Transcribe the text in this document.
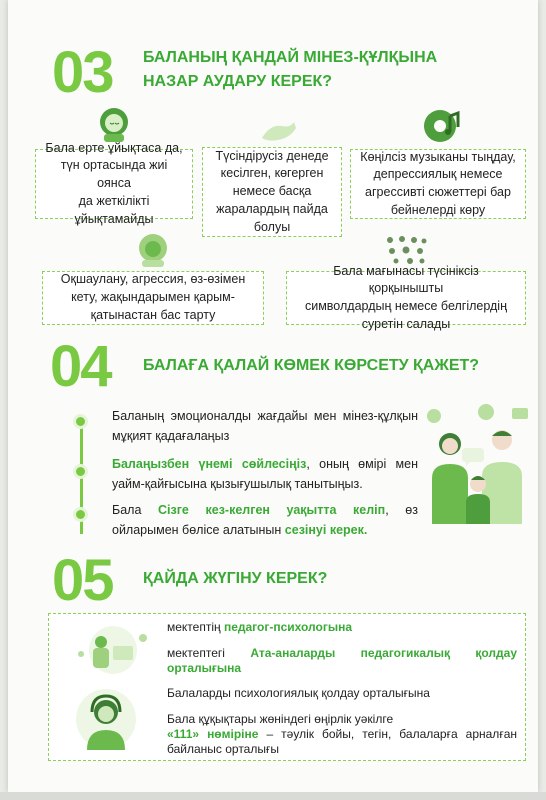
03 БАЛАНЫҢ ҚАНДАЙ МІНЕЗ-ҚҰЛҚЫНА
НАЗАР АУДАРУ КЕРЕК?
Бала ерте ұйықтаса да,
түн ортасында жиі оянса
да жеткілікті
ұйықтамайды
Түсіндірусіз денеде
кесілген, көгерген
немесе басқа
жаралардың пайда
болуы
Көңілсіз музыканы тыңдау,
депрессиялық немесе
агрессивті сюжеттері бар
бейнелерді көру
Оқшаулану, агрессия, өз-өзімен
кету, жақындарымен қарым-
қатынастан бас тарту
Бала мағынасы түсініксіз қорқынышты
символдардың немесе белгілердің
суретін салады
04 БАЛАҒА ҚАЛАЙ КӨМЕК КӨРСЕТУ ҚАЖЕТ?
Баланың эмоционалды жағдайы мен мінез-құлқын мұқият қадағалаңыз
Балаңызбен үнемі сөйлесіңіз, оның өмірі мен уайм-қайғысына қызығушылық танытыңыз.
Бала Сізге кез-келген уақытта келіп, өз ойларымен бөлісе алатынын сезінуі керек.
05 ҚАЙДА ЖҮГІНУ КЕРЕК?
мектептің педагог-психологына
мектептегі Ата-аналарды педагогикалық қолдау орталығына
Балаларды психологиялық қолдау орталығына
Бала құқықтары жөніндегі өңірлік уәкілге
«111» нөміріне – тәулік бойы, тегін, балаларға арналған байланыс орталығы
